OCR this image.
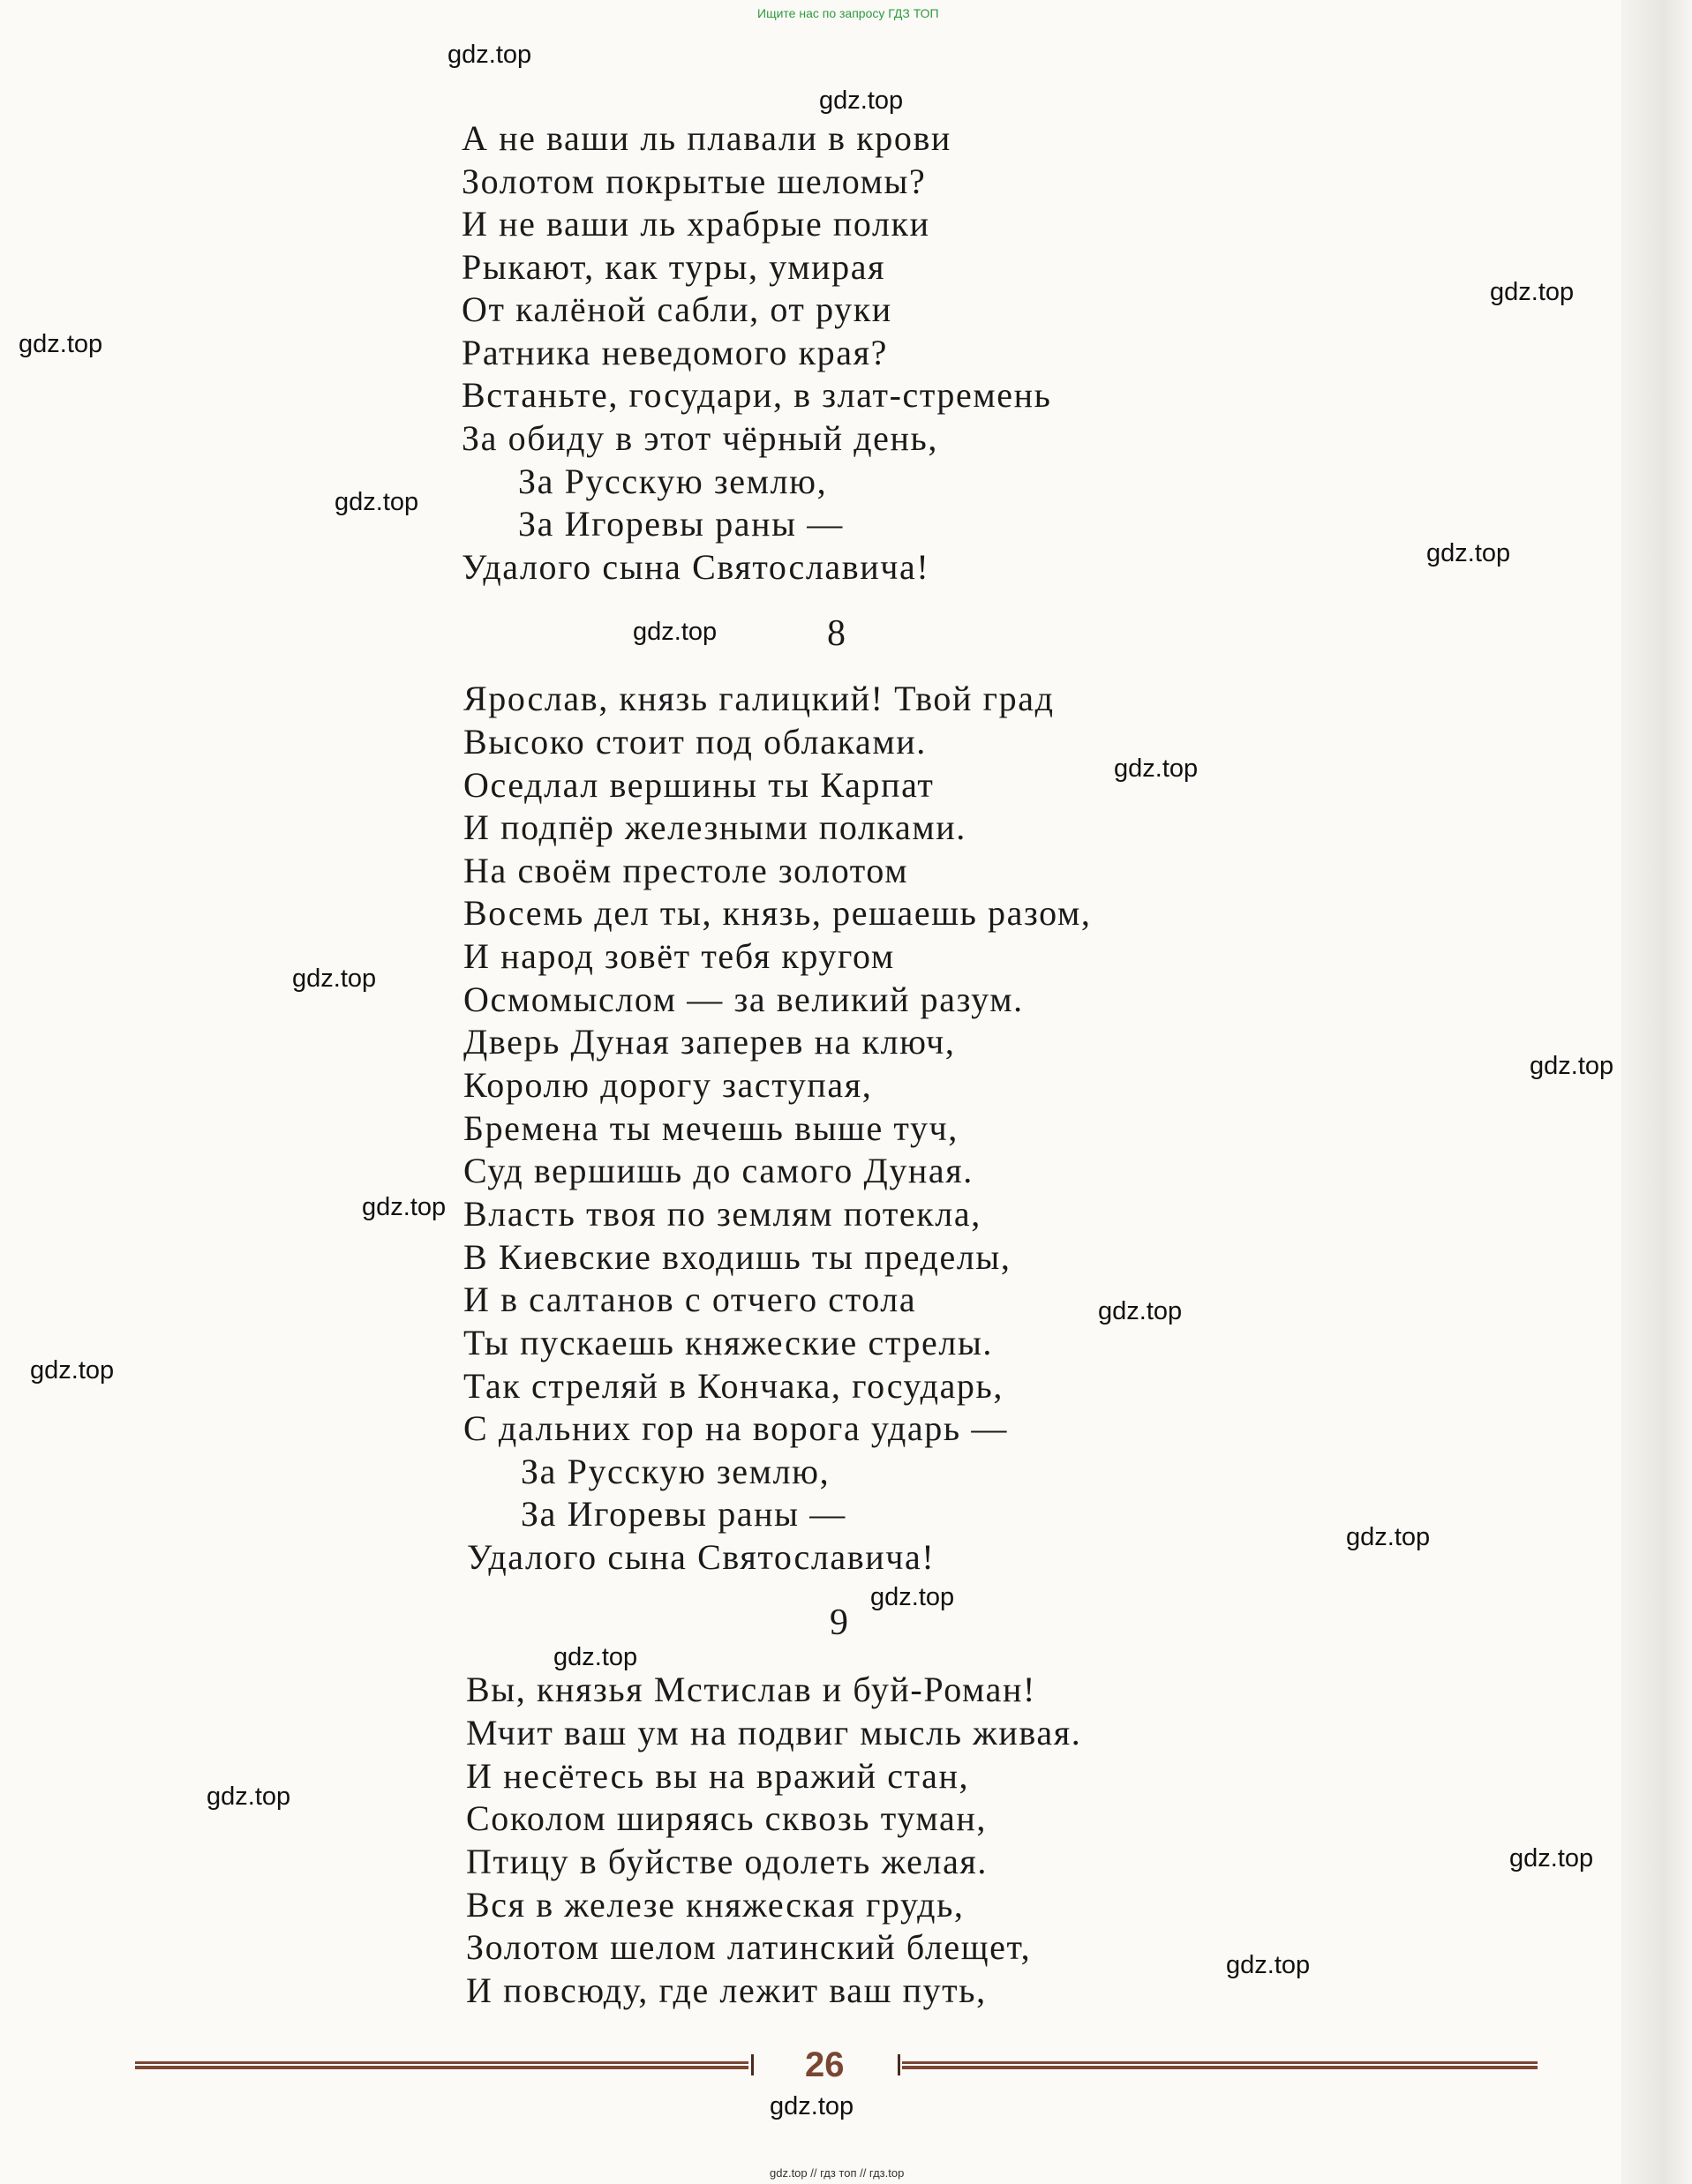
Ищите нас по запросу ГДЗ ТОП
А не ваши ль плавали в крови
Золотом покрытые шеломы?
И не ваши ль храбрые полки
Рыкают, как туры, умирая
От калёной сабли, от руки
Ратника неведомого края?
Встаньте, государи, в злат-стремень
За обиду в этот чёрный день,
За Русскую землю,
За Игоревы раны —
Удалого сына Святославича!
8
Ярослав, князь галицкий! Твой град
Высоко стоит под облаками.
Оседлал вершины ты Карпат
И подпёр железными полками.
На своём престоле золотом
Восемь дел ты, князь, решаешь разом,
И народ зовёт тебя кругом
Осмомыслом — за великий разум.
Дверь Дуная заперев на ключ,
Королю дорогу заступая,
Бремена ты мечешь выше туч,
Суд вершишь до самого Дуная.
Власть твоя по землям потекла,
В Киевские входишь ты пределы,
И в салтанов с отчего стола
Ты пускаешь княжеские стрелы.
Так стреляй в Кончака, государь,
С дальних гор на ворога ударь —
За Русскую землю,
За Игоревы раны —
Удалого сына Святославича!
9
Вы, князья Мстислав и буй-Роман!
Мчит ваш ум на подвиг мысль живая.
И несётесь вы на вражий стан,
Соколом ширяясь сквозь туман,
Птицу в буйстве одолеть желая.
Вся в железе княжеская грудь,
Золотом шелом латинский блещет,
И повсюду, где лежит ваш путь,
gdz.top
gdz.top
gdz.top
gdz.top
gdz.top
gdz.top
gdz.top
gdz.top
gdz.top
gdz.top
gdz.top
gdz.top
gdz.top
gdz.top
gdz.top
gdz.top
gdz.top
gdz.top
gdz.top
gdz.top
26
gdz.top // гдз топ // гдз.top
